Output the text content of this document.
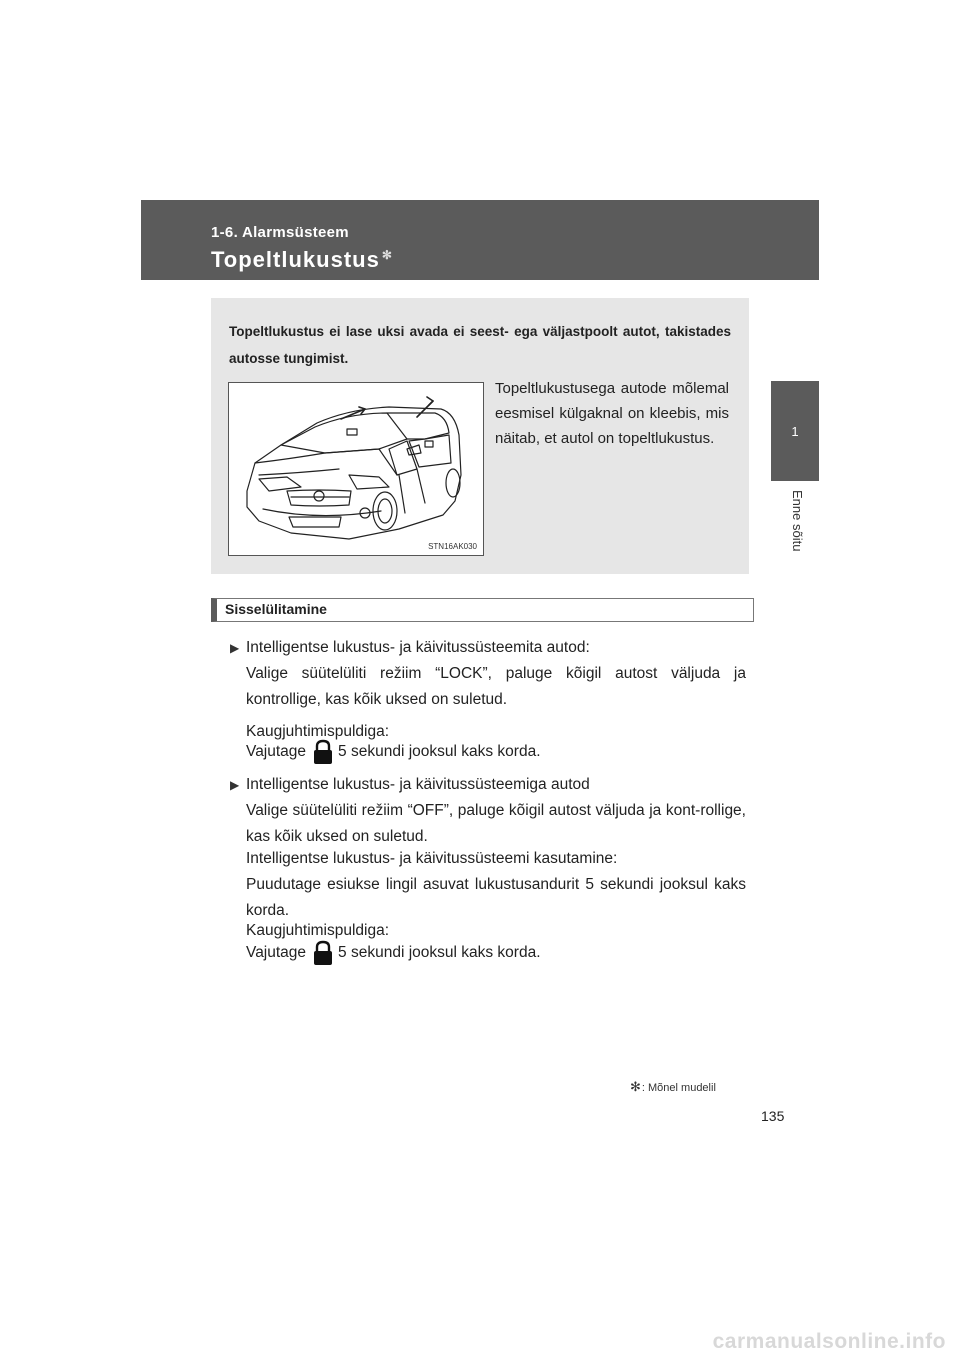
1-6. Alarmsüsteem
Topeltlukustus ✻
1
Enne sõitu
Topeltlukustus ei lase uksi avada ei seest- ega väljastpoolt autot, takistades autosse tungimist.
STN16AK030
Topeltlukustusega autode mõlemal eesmisel külgaknal on kleebis, mis näitab, et autol on topeltlukustus.
Sisselülitamine
▶ Intelligentse lukustus- ja käivitussüsteemita autod:
Valige süütelüliti režiim “LOCK”, paluge kõigil autost väljuda ja kontrollige, kas kõik uksed on suletud.
Kaugjuhtimispuldiga:
Vajutage 5 sekundi jooksul kaks korda.
▶ Intelligentse lukustus- ja käivitussüsteemiga autod
Valige süütelüliti režiim “OFF”, paluge kõigil autost väljuda ja kont-rollige, kas kõik uksed on suletud.
Intelligentse lukustus- ja käivitussüsteemi kasutamine:
Puudutage esiukse lingil asuvat lukustusandurit 5 sekundi jooksul kaks korda.
Kaugjuhtimispuldiga:
Vajutage 5 sekundi jooksul kaks korda.
✻: Mõnel mudelil
135
carmanualsonline.info
